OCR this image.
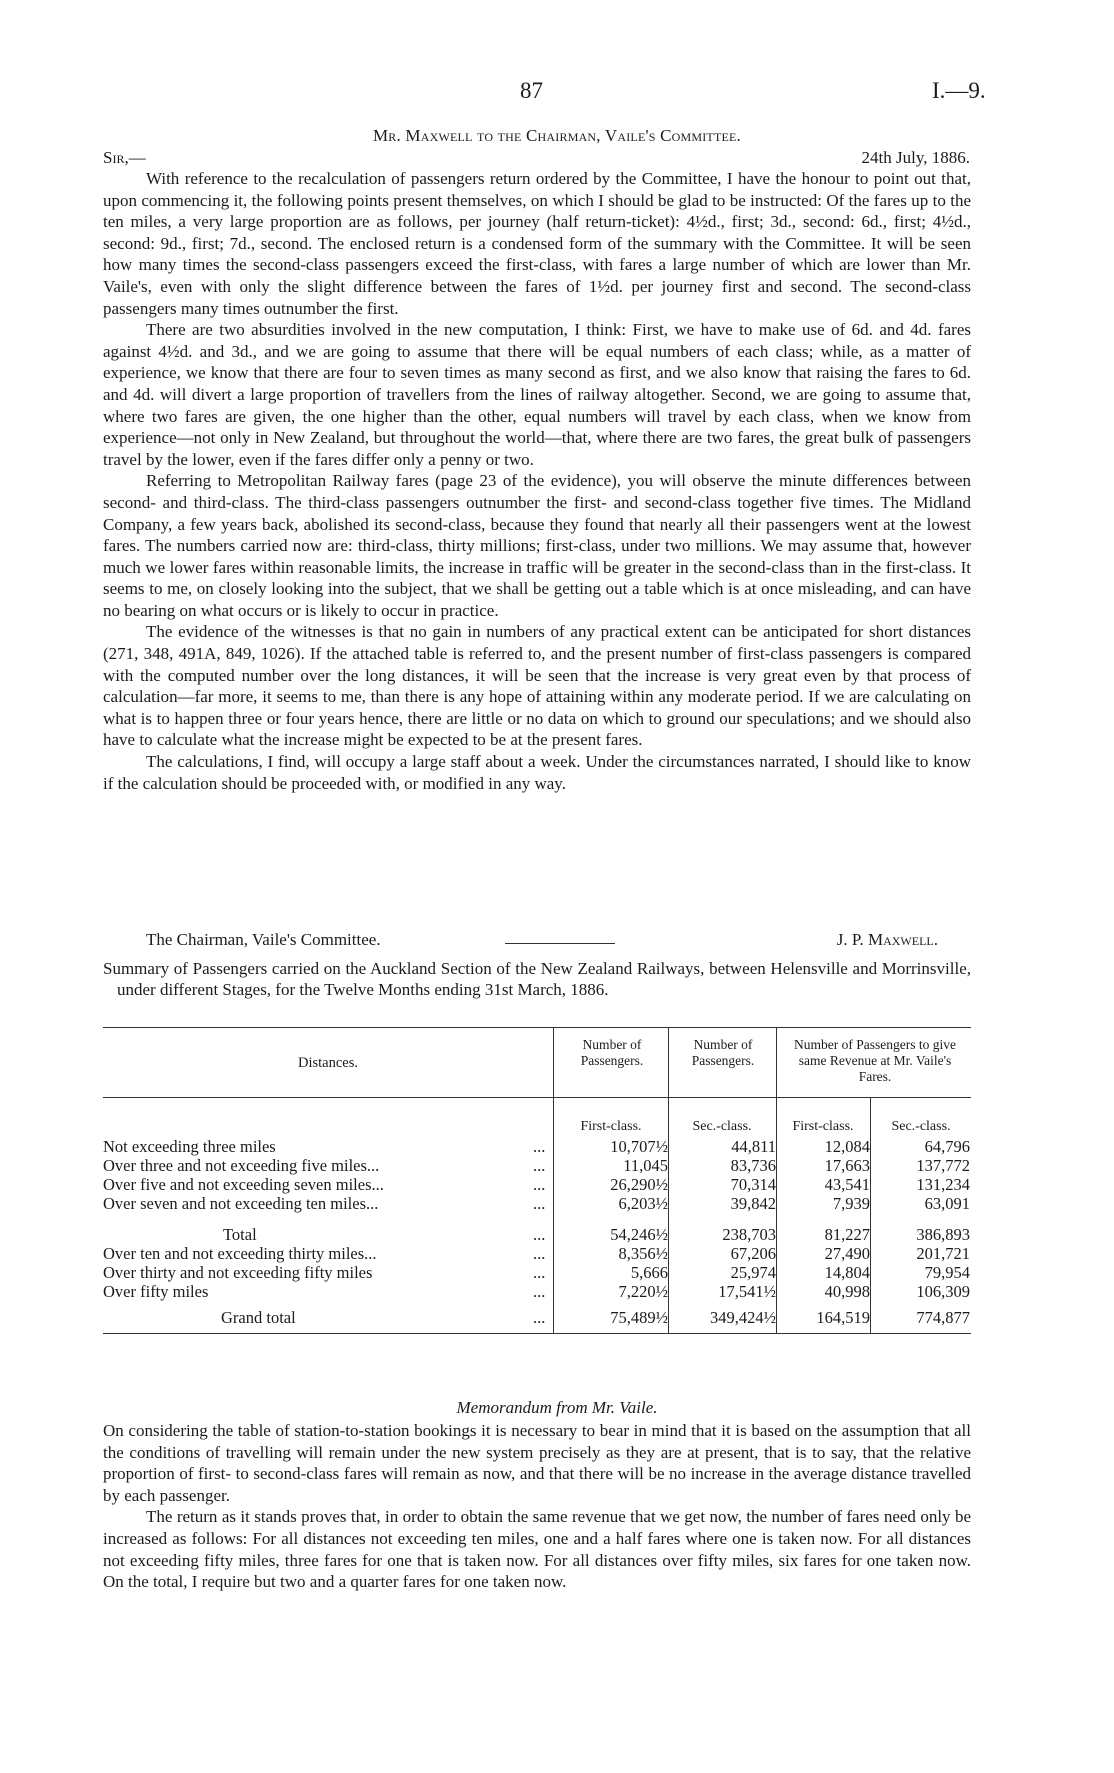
87	I.—9.
Mr. Maxwell to the Chairman, Vaile's Committee.
Sir,—	24th July, 1886.

With reference to the recalculation of passengers return ordered by the Committee, I have the honour to point out that, upon commencing it, the following points present themselves, on which I should be glad to be instructed: Of the fares up to the ten miles, a very large proportion are as follows, per journey (half return-ticket): 4½d., first; 3d., second: 6d., first; 4½d., second: 9d., first; 7d., second. The enclosed return is a condensed form of the summary with the Committee. It will be seen how many times the second-class passengers exceed the first-class, with fares a large number of which are lower than Mr. Vaile's, even with only the slight difference between the fares of 1½d. per journey first and second. The second-class passengers many times outnumber the first.

There are two absurdities involved in the new computation, I think: First, we have to make use of 6d. and 4d. fares against 4½d. and 3d., and we are going to assume that there will be equal numbers of each class; while, as a matter of experience, we know that there are four to seven times as many second as first, and we also know that raising the fares to 6d. and 4d. will divert a large proportion of travellers from the lines of railway altogether. Second, we are going to assume that, where two fares are given, the one higher than the other, equal numbers will travel by each class, when we know from experience—not only in New Zealand, but throughout the world—that, where there are two fares, the great bulk of passengers travel by the lower, even if the fares differ only a penny or two.

Referring to Metropolitan Railway fares (page 23 of the evidence), you will observe the minute differences between second- and third-class. The third-class passengers outnumber the first- and second-class together five times. The Midland Company, a few years back, abolished its second-class, because they found that nearly all their passengers went at the lowest fares. The numbers carried now are: third-class, thirty millions; first-class, under two millions. We may assume that, however much we lower fares within reasonable limits, the increase in traffic will be greater in the second-class than in the first-class. It seems to me, on closely looking into the subject, that we shall be getting out a table which is at once misleading, and can have no bearing on what occurs or is likely to occur in practice.

The evidence of the witnesses is that no gain in numbers of any practical extent can be anticipated for short distances (271, 348, 491A, 849, 1026). If the attached table is referred to, and the present number of first-class passengers is compared with the computed number over the long distances, it will be seen that the increase is very great even by that process of calculation—far more, it seems to me, than there is any hope of attaining within any moderate period. If we are calculating on what is to happen three or four years hence, there are little or no data on which to ground our speculations; and we should also have to calculate what the increase might be expected to be at the present fares.

The calculations, I find, will occupy a large staff about a week. Under the circumstances narrated, I should like to know if the calculation should be proceeded with, or modified in any way.

The Chairman, Vaile's Committee.	J. P. Maxwell.
Summary of Passengers carried on the Auckland Section of the New Zealand Railways, between Helensville and Morrinsville, under different Stages, for the Twelve Months ending 31st March, 1886.
Distances.
Number of Passengers.
Number of Passengers.
Number of Passengers to give same Revenue at Mr. Vaile's Fares.
First-class.	Sec.-class.	First-class.	Sec.-class.
Not exceeding three miles	...	10,707½	44,811	12,084	64,796
Over three and not exceeding five miles...	...	11,045	83,736	17,663	137,772
Over five and not exceeding seven miles...	...	26,290½	70,314	43,541	131,234
Over seven and not exceeding ten miles...	...	6,203½	39,842	7,939	63,091
Total	...	54,246½	238,703	81,227	386,893
Over ten and not exceeding thirty miles...	...	8,356½	67,206	27,490	201,721
Over thirty and not exceeding fifty miles	...	5,666	25,974	14,804	79,954
Over fifty miles	...	7,220½	17,541½	40,998	106,309
Grand total	...	75,489½	349,424½	164,519	774,877
Memorandum from Mr. Vaile.

On considering the table of station-to-station bookings it is necessary to bear in mind that it is based on the assumption that all the conditions of travelling will remain under the new system precisely as they are at present, that is to say, that the relative proportion of first- to second-class fares will remain as now, and that there will be no increase in the average distance travelled by each passenger.

The return as it stands proves that, in order to obtain the same revenue that we get now, the number of fares need only be increased as follows: For all distances not exceeding ten miles, one and a half fares where one is taken now. For all distances not exceeding fifty miles, three fares for one that is taken now. For all distances over fifty miles, six fares for one taken now. On the total, I require but two and a quarter fares for one taken now.
